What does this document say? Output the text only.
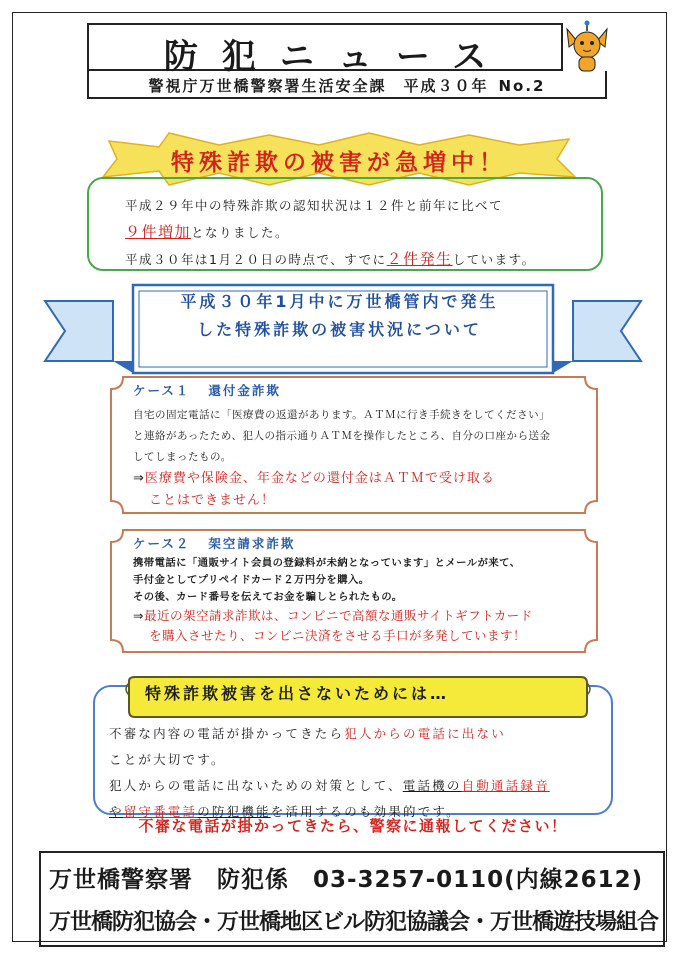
防犯ニュース
警視庁万世橋警察署生活安全課　平成３０年 No.2
特殊詐欺の被害が急増中！
平成２９年中の特殊詐欺の認知状況は１２件と前年に比べて
９件増加となりました。
平成３０年は1月２０日の時点で、すでに２件発生しています。
平成３０年1月中に万世橋管内で発生
した特殊詐欺の被害状況について
ケース１ 還付金詐欺
自宅の固定電話に「医療費の返還があります。ＡＴＭに行き手続きをしてください」
と連絡があったため、犯人の指示通りＡＴＭを操作したところ、自分の口座から送金
してしまったもの。
⇒医療費や保険金、年金などの還付金はＡＴＭで受け取る
ことはできません！
ケース２ 架空請求詐欺
携帯電話に「通販サイト会員の登録料が未納となっています」とメールが来て、
手付金としてプリペイドカード２万円分を購入。
その後、カード番号を伝えてお金を騙しとられたもの。
⇒最近の架空請求詐欺は、コンビニで高額な通販サイトギフトカード
を購入させたり、コンビニ決済をさせる手口が多発しています！
特殊詐欺被害を出さないためには…
不審な内容の電話が掛かってきたら犯人からの電話に出ない
ことが大切です。
犯人からの電話に出ないための対策として、電話機の自動通話録音
や留守番電話の防犯機能を活用するのも効果的です。
不審な電話が掛かってきたら、警察に通報してください！
万世橋警察署　防犯係　03-3257-0110(内線2612)
万世橋防犯協会・万世橋地区ビル防犯協議会・万世橋遊技場組合
